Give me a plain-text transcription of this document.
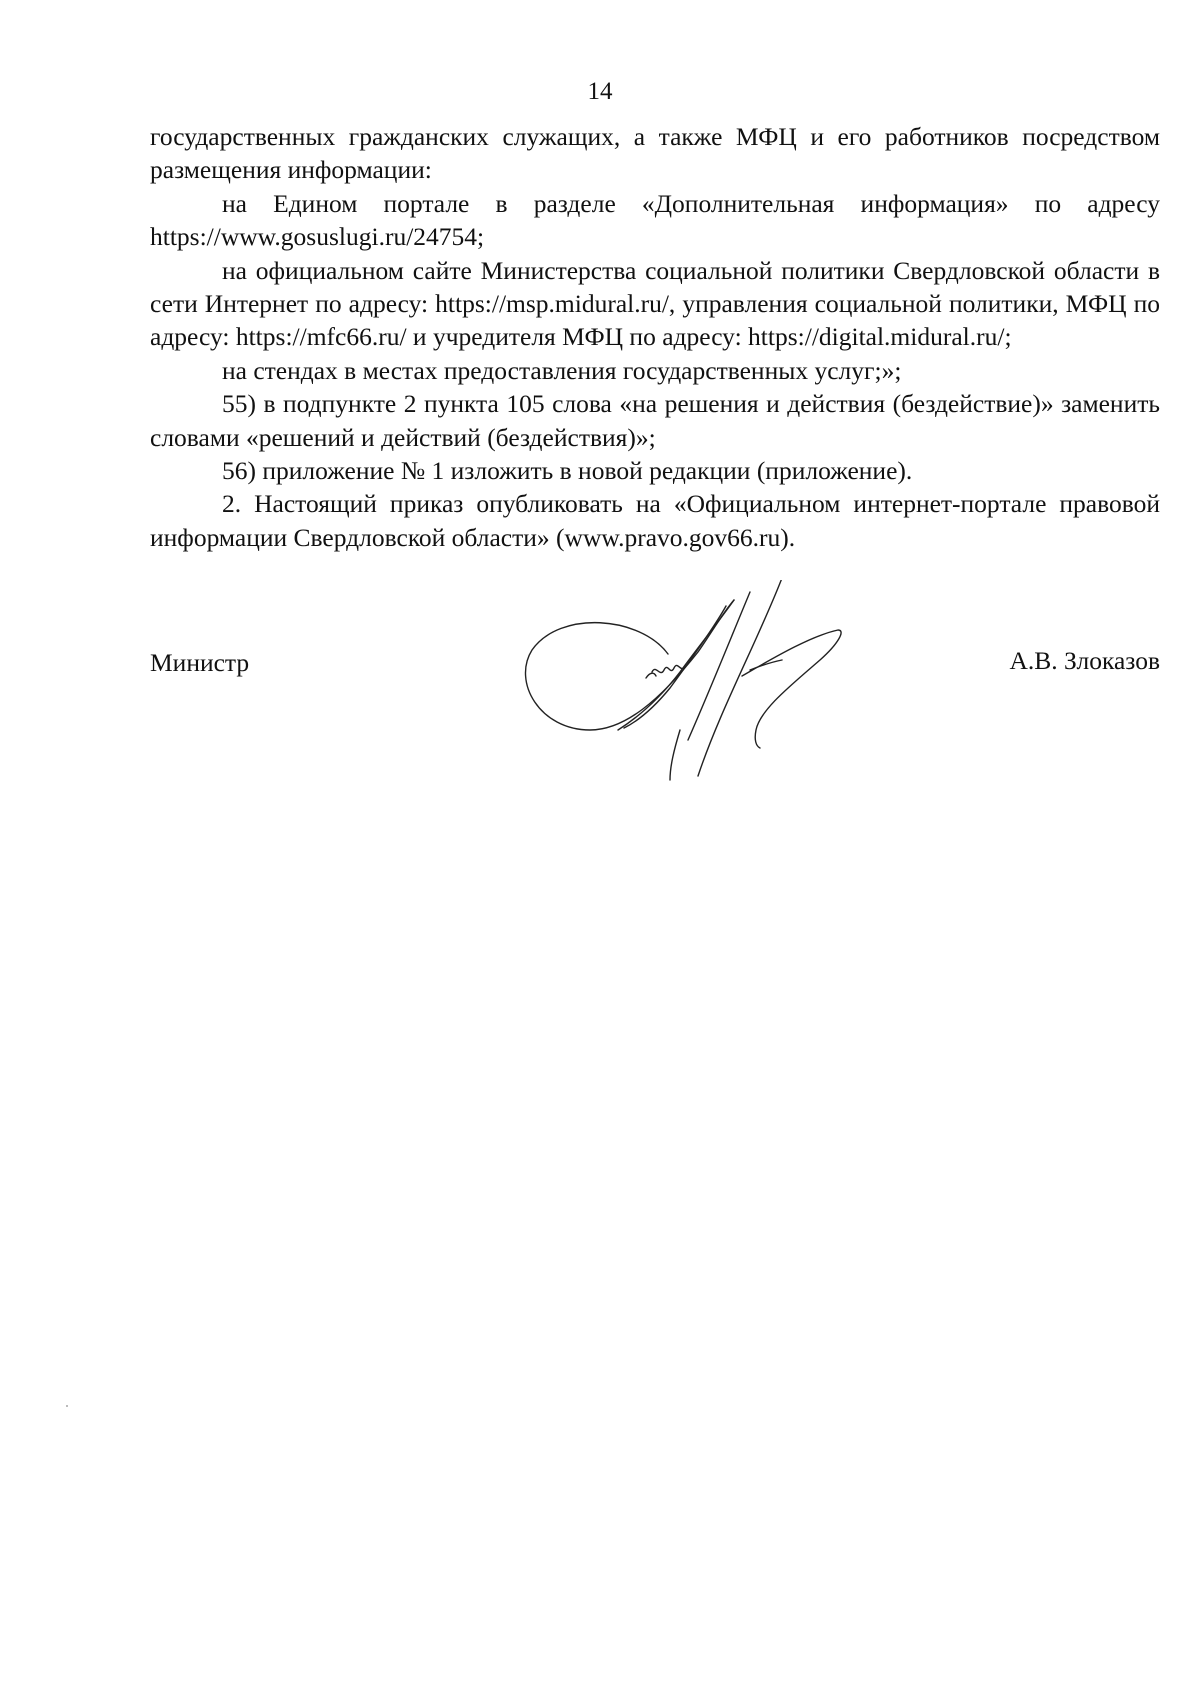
14

государственных гражданских служащих, а также МФЦ и его работников посредством размещения информации:

на Едином портале в разделе «Дополнительная информация» по адресу https://www.gosuslugi.ru/24754;

на официальном сайте Министерства социальной политики Свердловской области в сети Интернет по адресу: https://msp.midural.ru/, управления социальной политики, МФЦ по адресу: https://mfc66.ru/ и учредителя МФЦ по адресу: https://digital.midural.ru/;

на стендах в местах предоставления государственных услуг;»;

55) в подпункте 2 пункта 105 слова «на решения и действия (бездействие)» заменить словами «решений и действий (бездействия)»;

56) приложение № 1 изложить в новой редакции (приложение).

2. Настоящий приказ опубликовать на «Официальном интернет-портале правовой информации Свердловской области» (www.pravo.gov66.ru).

Министр	А.В. Злоказов
